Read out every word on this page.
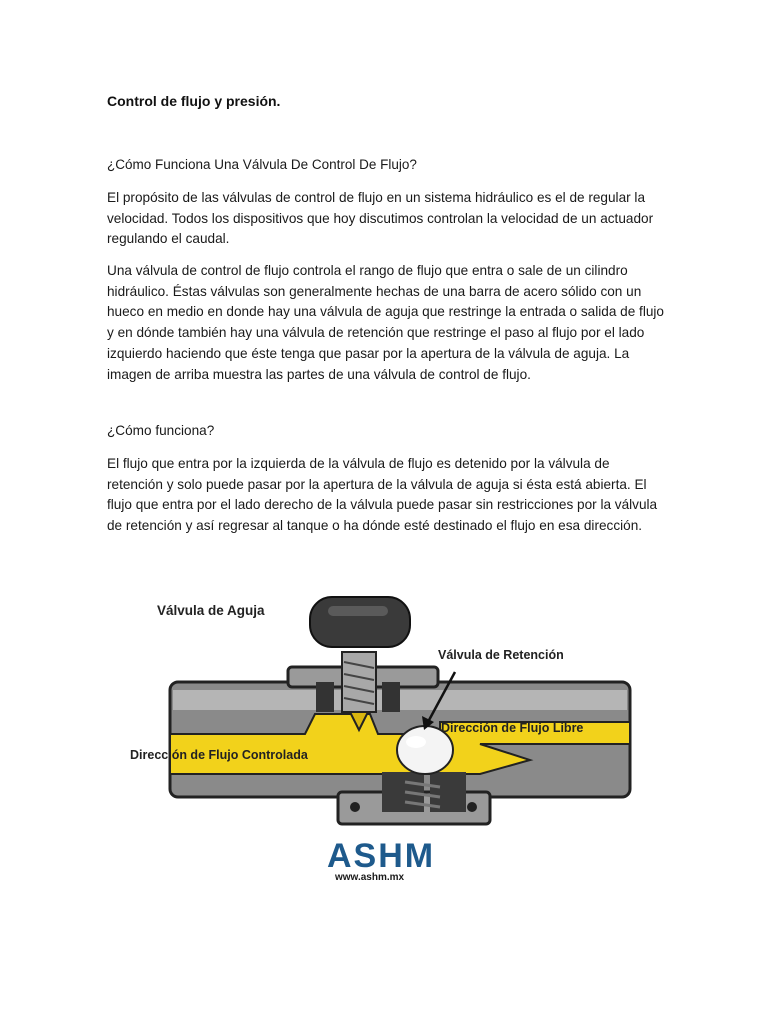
Control de flujo y presión.

¿Cómo Funciona Una Válvula De Control De Flujo?

El propósito de las válvulas de control de flujo en un sistema hidráulico es el de regular la velocidad. Todos los dispositivos que hoy discutimos controlan la velocidad de un actuador regulando el caudal.

Una válvula de control de flujo controla el rango de flujo que entra o sale de un cilindro hidráulico. Éstas válvulas son generalmente hechas de una barra de acero sólido con un hueco en medio en donde hay una válvula de aguja que restringe la entrada o salida de flujo y en dónde también hay una válvula de retención que restringe el paso al flujo por el lado izquierdo haciendo que éste tenga que pasar por la apertura de la válvula de aguja. La imagen de arriba muestra las partes de una válvula de control de flujo.

¿Cómo funciona?

El flujo que entra por la izquierda de la válvula de flujo es detenido por la válvula de retención y solo puede pasar por la apertura de la válvula de aguja si ésta está abierta. El flujo que entra por el lado derecho de la válvula puede pasar sin restricciones por la válvula de retención y así regresar al tanque o ha dónde esté destinado el flujo en esa dirección.

Válvula de Aguja
Válvula de Retención
Dirección de Flujo Libre
Dirección de Flujo Controlada
ASHM
www.ashm.mx
